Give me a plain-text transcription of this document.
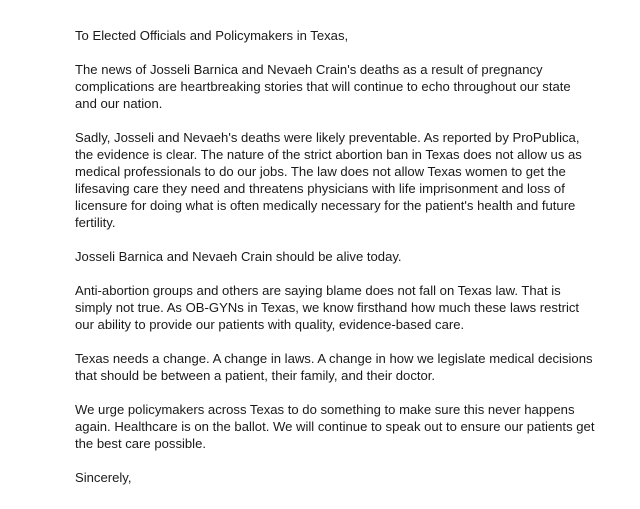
To Elected Officials and Policymakers in Texas,

The news of Josseli Barnica and Nevaeh Crain's deaths as a result of pregnancy complications are heartbreaking stories that will continue to echo throughout our state and our nation.

Sadly, Josseli and Nevaeh's deaths were likely preventable. As reported by ProPublica, the evidence is clear. The nature of the strict abortion ban in Texas does not allow us as medical professionals to do our jobs. The law does not allow Texas women to get the lifesaving care they need and threatens physicians with life imprisonment and loss of licensure for doing what is often medically necessary for the patient's health and future fertility.

Josseli Barnica and Nevaeh Crain should be alive today.

Anti-abortion groups and others are saying blame does not fall on Texas law. That is simply not true. As OB-GYNs in Texas, we know firsthand how much these laws restrict our ability to provide our patients with quality, evidence-based care.

Texas needs a change. A change in laws. A change in how we legislate medical decisions that should be between a patient, their family, and their doctor.

We urge policymakers across Texas to do something to make sure this never happens again. Healthcare is on the ballot. We will continue to speak out to ensure our patients get the best care possible.

Sincerely,
